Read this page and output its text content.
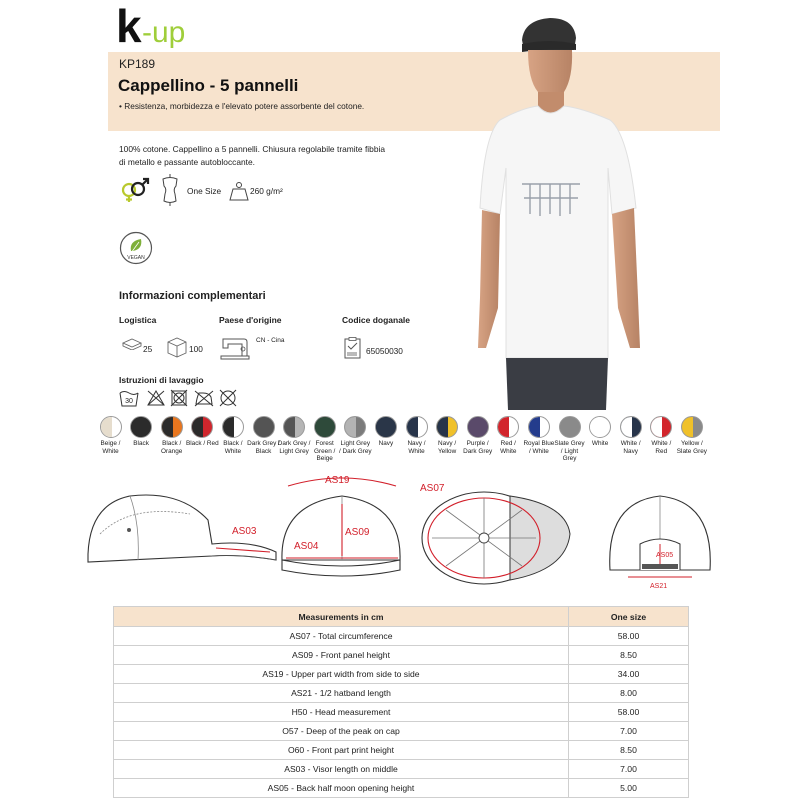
k -up
KP189
Cappellino - 5 pannelli
• Resistenza, morbidezza e l'elevato potere assorbente del cotone.
100% cotone. Cappellino a 5 pannelli. Chiusura regolabile tramite fibbia di metallo e passante autobloccante.
One Size	260 g/m²
VEGAN
Informazioni complementari
Logistica	Paese d'origine	Codice doganale
25	100
CN - Cina
65050030
Istruzioni di lavaggio
30
Beige / White
Black	Black / Orange
Black / Red Black / White
Dark Grey / Black
Dark Grey / Light Grey
Forest Green / Beige
Light Grey / Dark Grey
Navy	Navy / White
Navy / Yellow
Purple / Dark Grey
Red / White
Royal Blue / White
Slate Grey / Light Grey
White	White / Navy
White / Red
Yellow / Slate Grey
AS03
AS19
AS09
AS04
AS07
AS05
AS21
Measurements in cm	One size
AS07 - Total circumference	58.00
AS09 - Front panel height	8.50
AS19 - Upper part width from side to side	34.00
AS21 - 1/2 hatband length	8.00
H50 - Head measurement	58.00
O57 - Deep of the peak on cap	7.00
O60 - Front part print height	8.50
AS03 - Visor length on middle	7.00
AS05 - Back half moon opening height	5.00
